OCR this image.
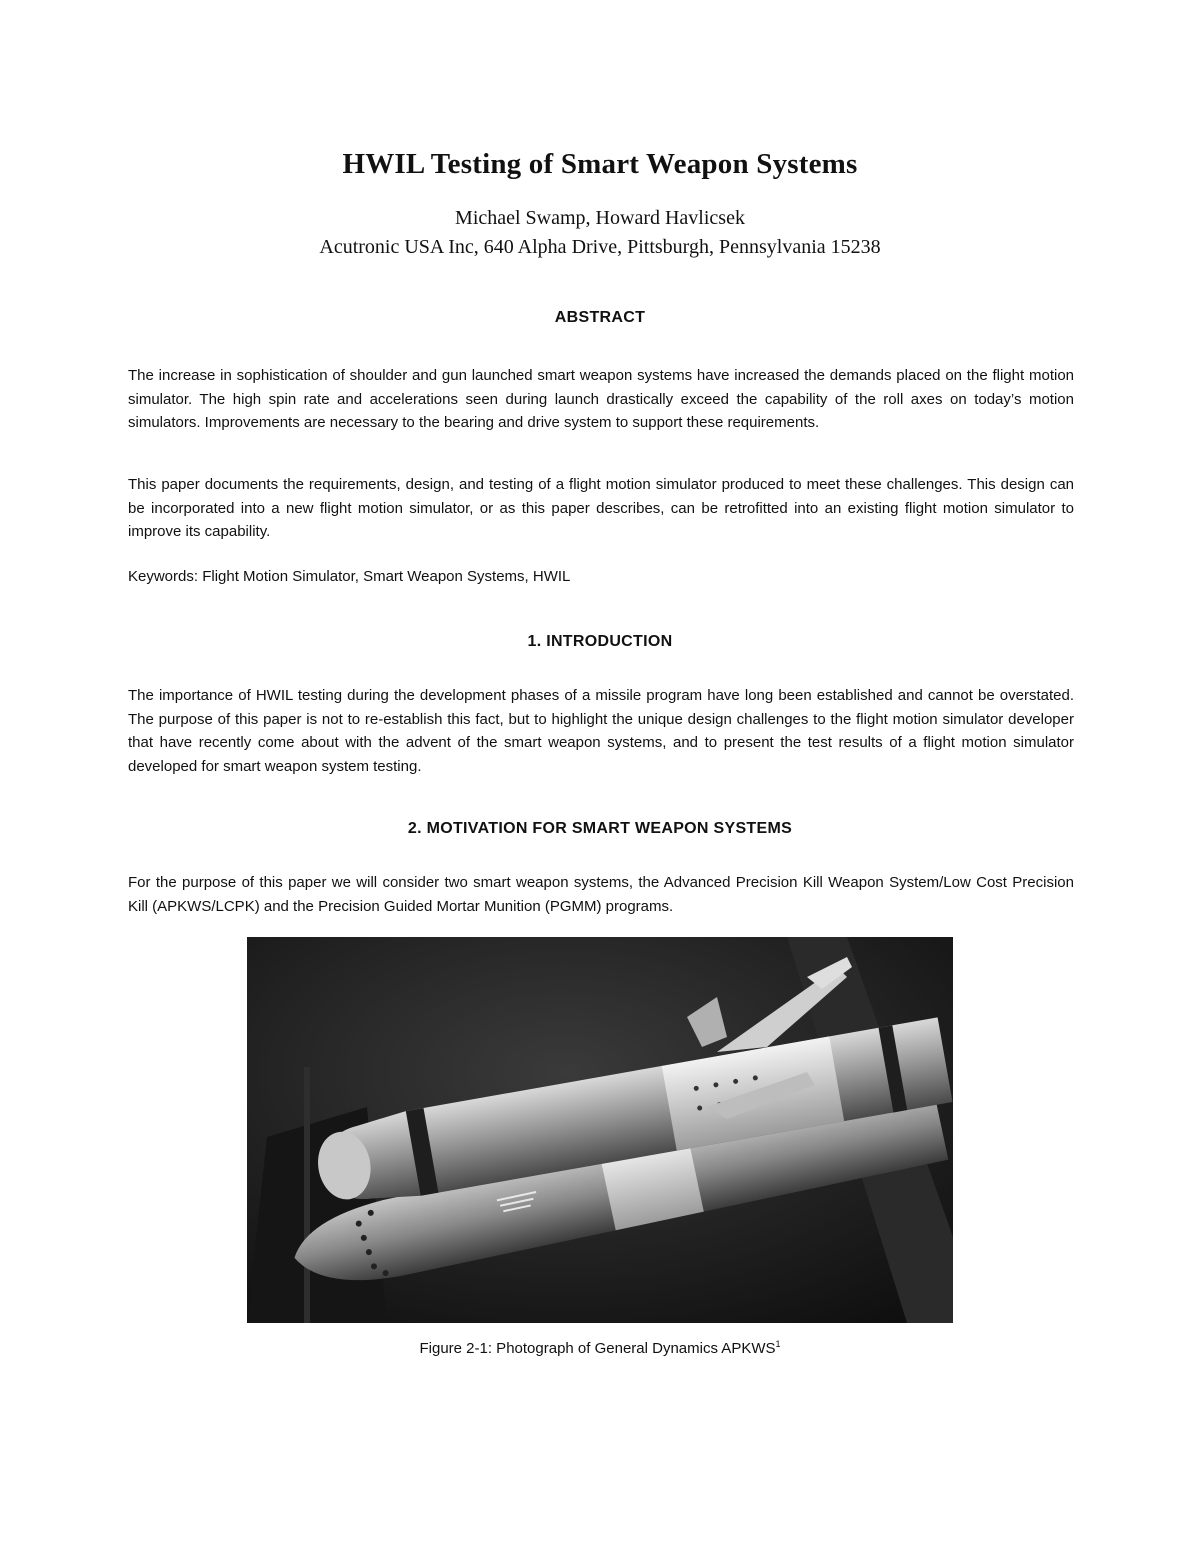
HWIL Testing of Smart Weapon Systems
Michael Swamp, Howard Havlicsek
Acutronic USA Inc, 640 Alpha Drive, Pittsburgh, Pennsylvania 15238
ABSTRACT

The increase in sophistication of shoulder and gun launched smart weapon systems have increased the demands placed on the flight motion simulator. The high spin rate and accelerations seen during launch drastically exceed the capability of the roll axes on today’s motion simulators. Improvements are necessary to the bearing and drive system to support these requirements.

This paper documents the requirements, design, and testing of a flight motion simulator produced to meet these challenges. This design can be incorporated into a new flight motion simulator, or as this paper describes, can be retrofitted into an existing flight motion simulator to improve its capability.

Keywords: Flight Motion Simulator, Smart Weapon Systems, HWIL

1. INTRODUCTION

The importance of HWIL testing during the development phases of a missile program have long been established and cannot be overstated. The purpose of this paper is not to re-establish this fact, but to highlight the unique design challenges to the flight motion simulator developer that have recently come about with the advent of the smart weapon systems, and to present the test results of a flight motion simulator developed for smart weapon system testing.

2. MOTIVATION FOR SMART WEAPON SYSTEMS

For the purpose of this paper we will consider two smart weapon systems, the Advanced Precision Kill Weapon System/Low Cost Precision Kill (APKWS/LCPK) and the Precision Guided Mortar Munition (PGMM) programs.

Figure 2-1: Photograph of General Dynamics APKWS$^1$
